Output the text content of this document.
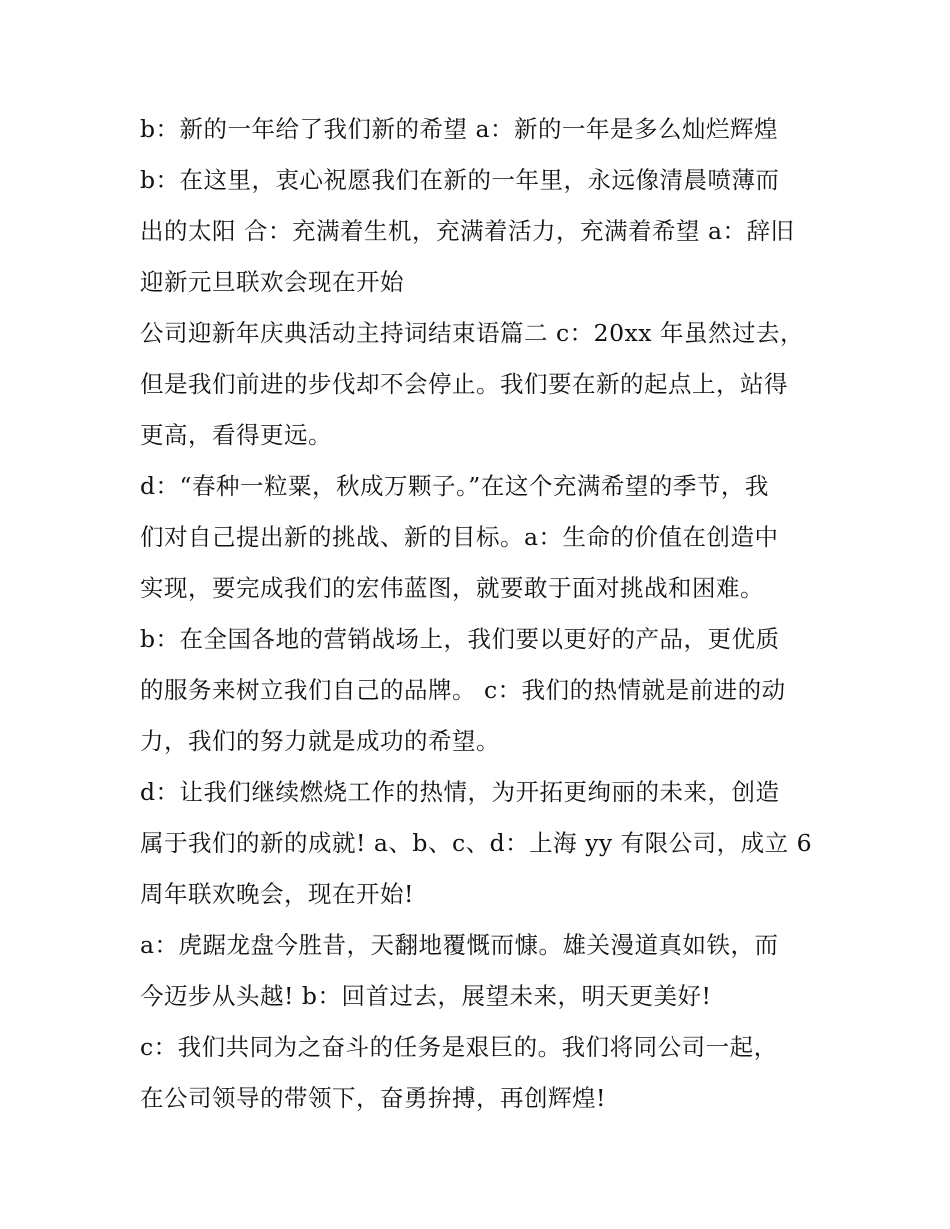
b：新的一年给了我们新的希望 a：新的一年是多么灿烂辉煌
b：在这里，衷心祝愿我们在新的一年里，永远像清晨喷薄而
出的太阳 合：充满着生机，充满着活力，充满着希望 a：辞旧
迎新元旦联欢会现在开始
公司迎新年庆典活动主持词结束语篇二 c：20xx 年虽然过去，
但是我们前进的步伐却不会停止。我们要在新的起点上，站得
更高，看得更远。
d：“春种一粒粟，秋成万颗子。”在这个充满希望的季节，我
们对自己提出新的挑战、新的目标。a：生命的价值在创造中
实现，要完成我们的宏伟蓝图，就要敢于面对挑战和困难。
b：在全国各地的营销战场上，我们要以更好的产品，更优质
的服务来树立我们自己的品牌。 c：我们的热情就是前进的动
力，我们的努力就是成功的希望。
d：让我们继续燃烧工作的热情，为开拓更绚丽的未来，创造
属于我们的新的成就! a、b、c、d：上海 yy 有限公司，成立 6
周年联欢晚会，现在开始!
a：虎踞龙盘今胜昔，天翻地覆慨而慷。雄关漫道真如铁，而
今迈步从头越! b：回首过去，展望未来，明天更美好!
c：我们共同为之奋斗的任务是艰巨的。我们将同公司一起，
在公司领导的带领下，奋勇拚搏，再创辉煌!
